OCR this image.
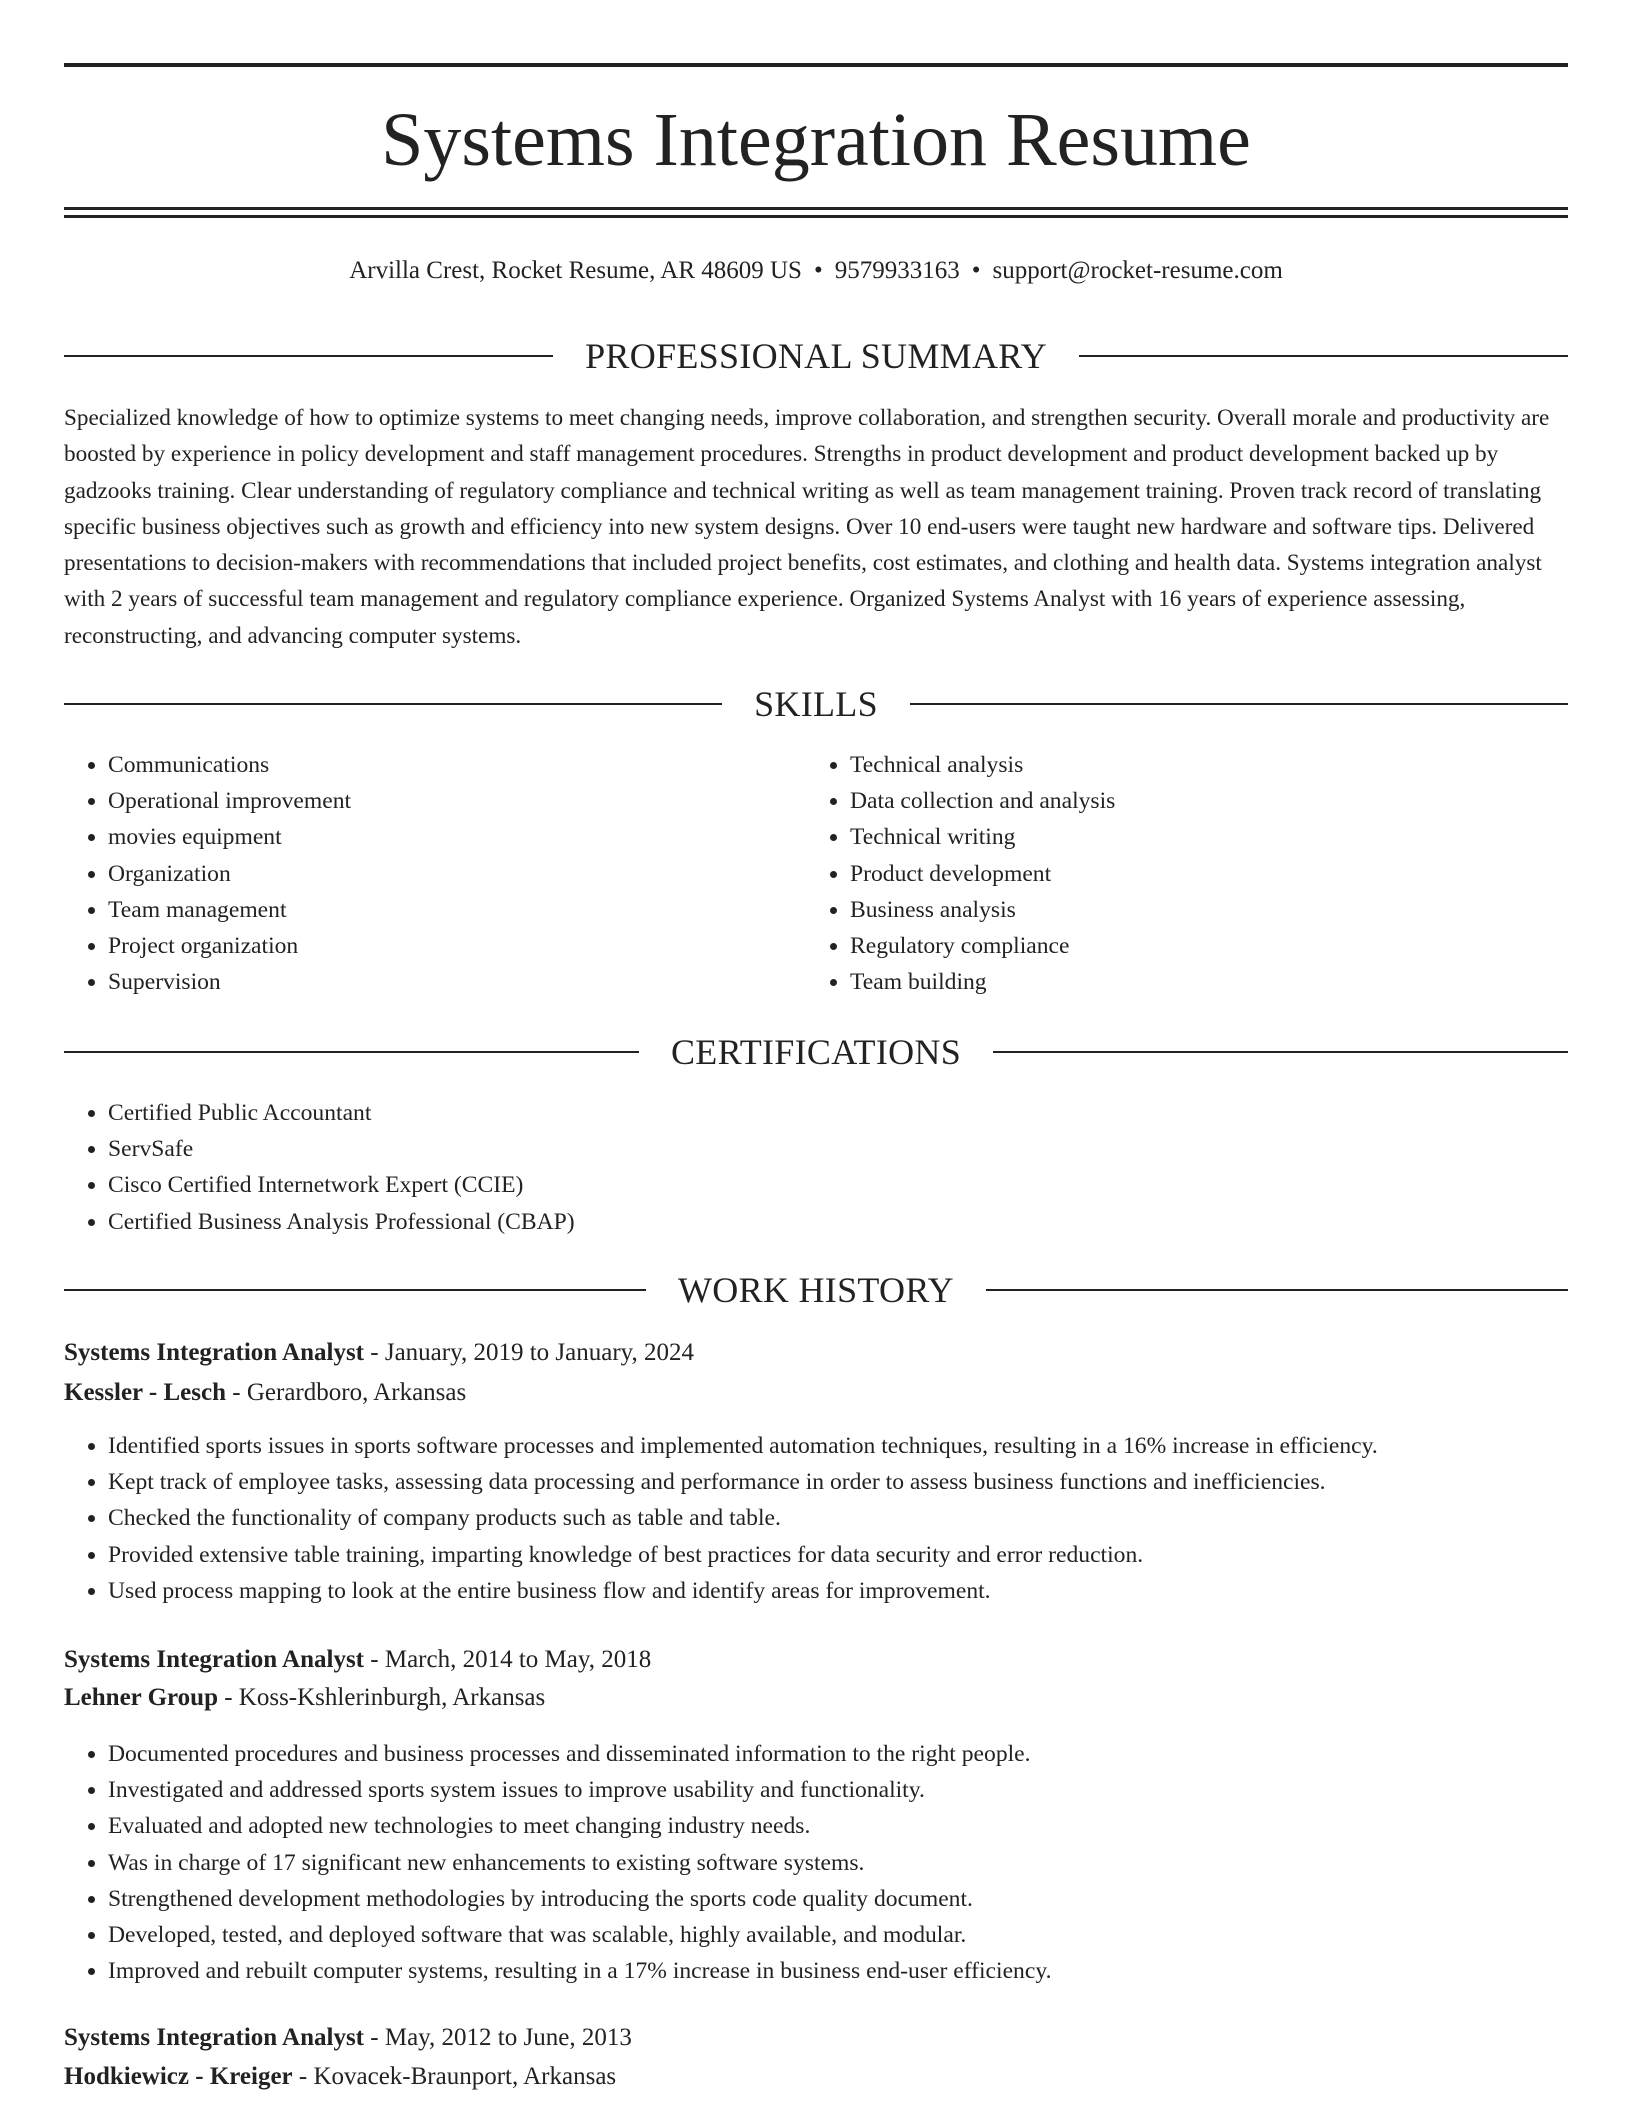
Systems Integration Resume
Arvilla Crest, Rocket Resume, AR 48609 US • 9579933163 • support@rocket-resume.com
PROFESSIONAL SUMMARY

Specialized knowledge of how to optimize systems to meet changing needs, improve collaboration, and strengthen security. Overall morale and productivity are boosted by experience in policy development and staff management procedures. Strengths in product development and product development backed up by gadzooks training. Clear understanding of regulatory compliance and technical writing as well as team management training. Proven track record of translating specific business objectives such as growth and efficiency into new system designs. Over 10 end-users were taught new hardware and software tips. Delivered presentations to decision-makers with recommendations that included project benefits, cost estimates, and clothing and health data. Systems integration analyst with 2 years of successful team management and regulatory compliance experience. Organized Systems Analyst with 16 years of experience assessing, reconstructing, and advancing computer systems.

SKILLS
• Communications
• Operational improvement
• movies equipment
• Organization
• Team management
• Project organization
• Supervision
• Technical analysis
• Data collection and analysis
• Technical writing
• Product development
• Business analysis
• Regulatory compliance
• Team building
CERTIFICATIONS
• Certified Public Accountant
• ServSafe
• Cisco Certified Internetwork Expert (CCIE)
• Certified Business Analysis Professional (CBAP)
WORK HISTORY
Systems Integration Analyst - January, 2019 to January, 2024
Kessler - Lesch - Gerardboro, Arkansas
• Identified sports issues in sports software processes and implemented automation techniques, resulting in a 16% increase in efficiency.
• Kept track of employee tasks, assessing data processing and performance in order to assess business functions and inefficiencies.
• Checked the functionality of company products such as table and table.
• Provided extensive table training, imparting knowledge of best practices for data security and error reduction.
• Used process mapping to look at the entire business flow and identify areas for improvement.
Systems Integration Analyst - March, 2014 to May, 2018
Lehner Group - Koss-Kshlerinburgh, Arkansas
• Documented procedures and business processes and disseminated information to the right people.
• Investigated and addressed sports system issues to improve usability and functionality.
• Evaluated and adopted new technologies to meet changing industry needs.
• Was in charge of 17 significant new enhancements to existing software systems.
• Strengthened development methodologies by introducing the sports code quality document.
• Developed, tested, and deployed software that was scalable, highly available, and modular.
• Improved and rebuilt computer systems, resulting in a 17% increase in business end-user efficiency.
Systems Integration Analyst - May, 2012 to June, 2013
Hodkiewicz - Kreiger - Kovacek-Braunport, Arkansas
